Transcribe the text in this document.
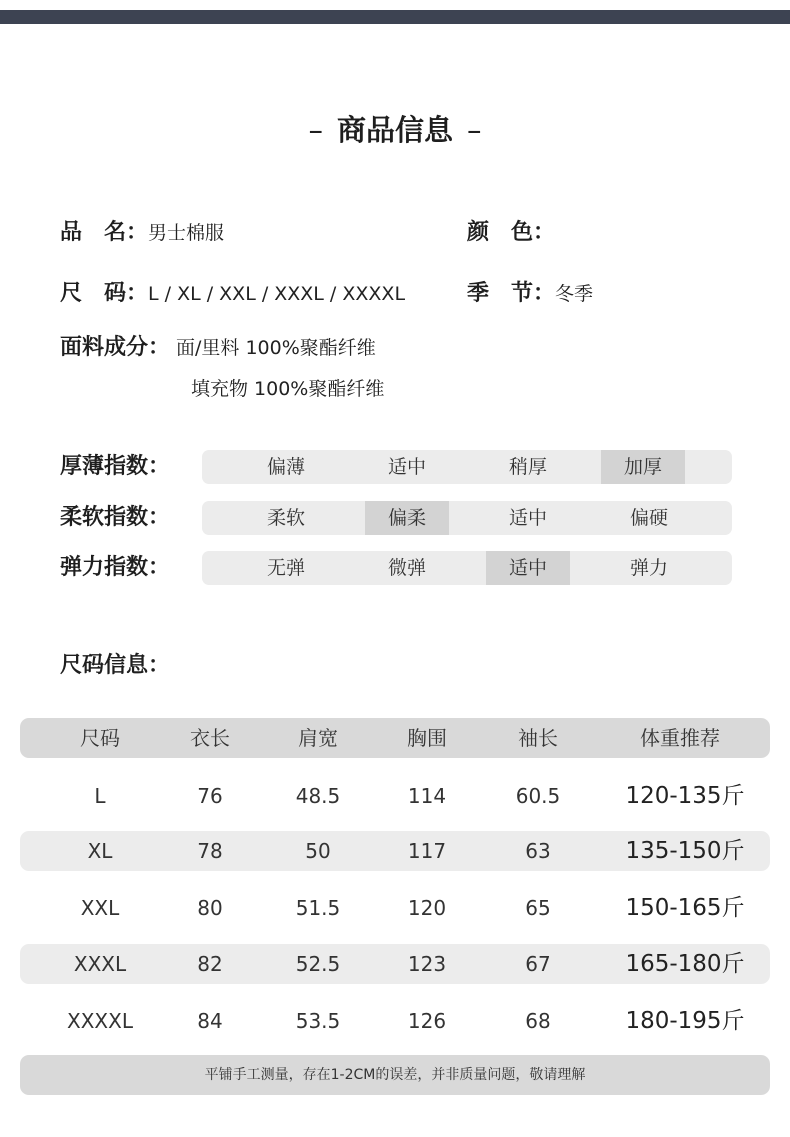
– 商品信息 –
品　名：男士棉服	颜　色：
尺　码：L / XL / XXL / XXXL / XXXXL	季　节：冬季
面料成分： 面/里料 100%聚酯纤维
填充物 100%聚酯纤维
厚薄指数：	偏薄	适中	稍厚	加厚
柔软指数：	柔软	偏柔	适中	偏硬
弹力指数：	无弹	微弹	适中	弹力
尺码信息：
尺码	衣长	肩宽	胸围	袖长	体重推荐
L	76	48.5	114	60.5	120-135斤
XL	78	50	117	63	135-150斤
XXL	80	51.5	120	65	150-165斤
XXXL	82	52.5	123	67	165-180斤
XXXXL	84	53.5	126	68	180-195斤
平铺手工测量，存在1-2CM的误差，并非质量问题，敬请理解
